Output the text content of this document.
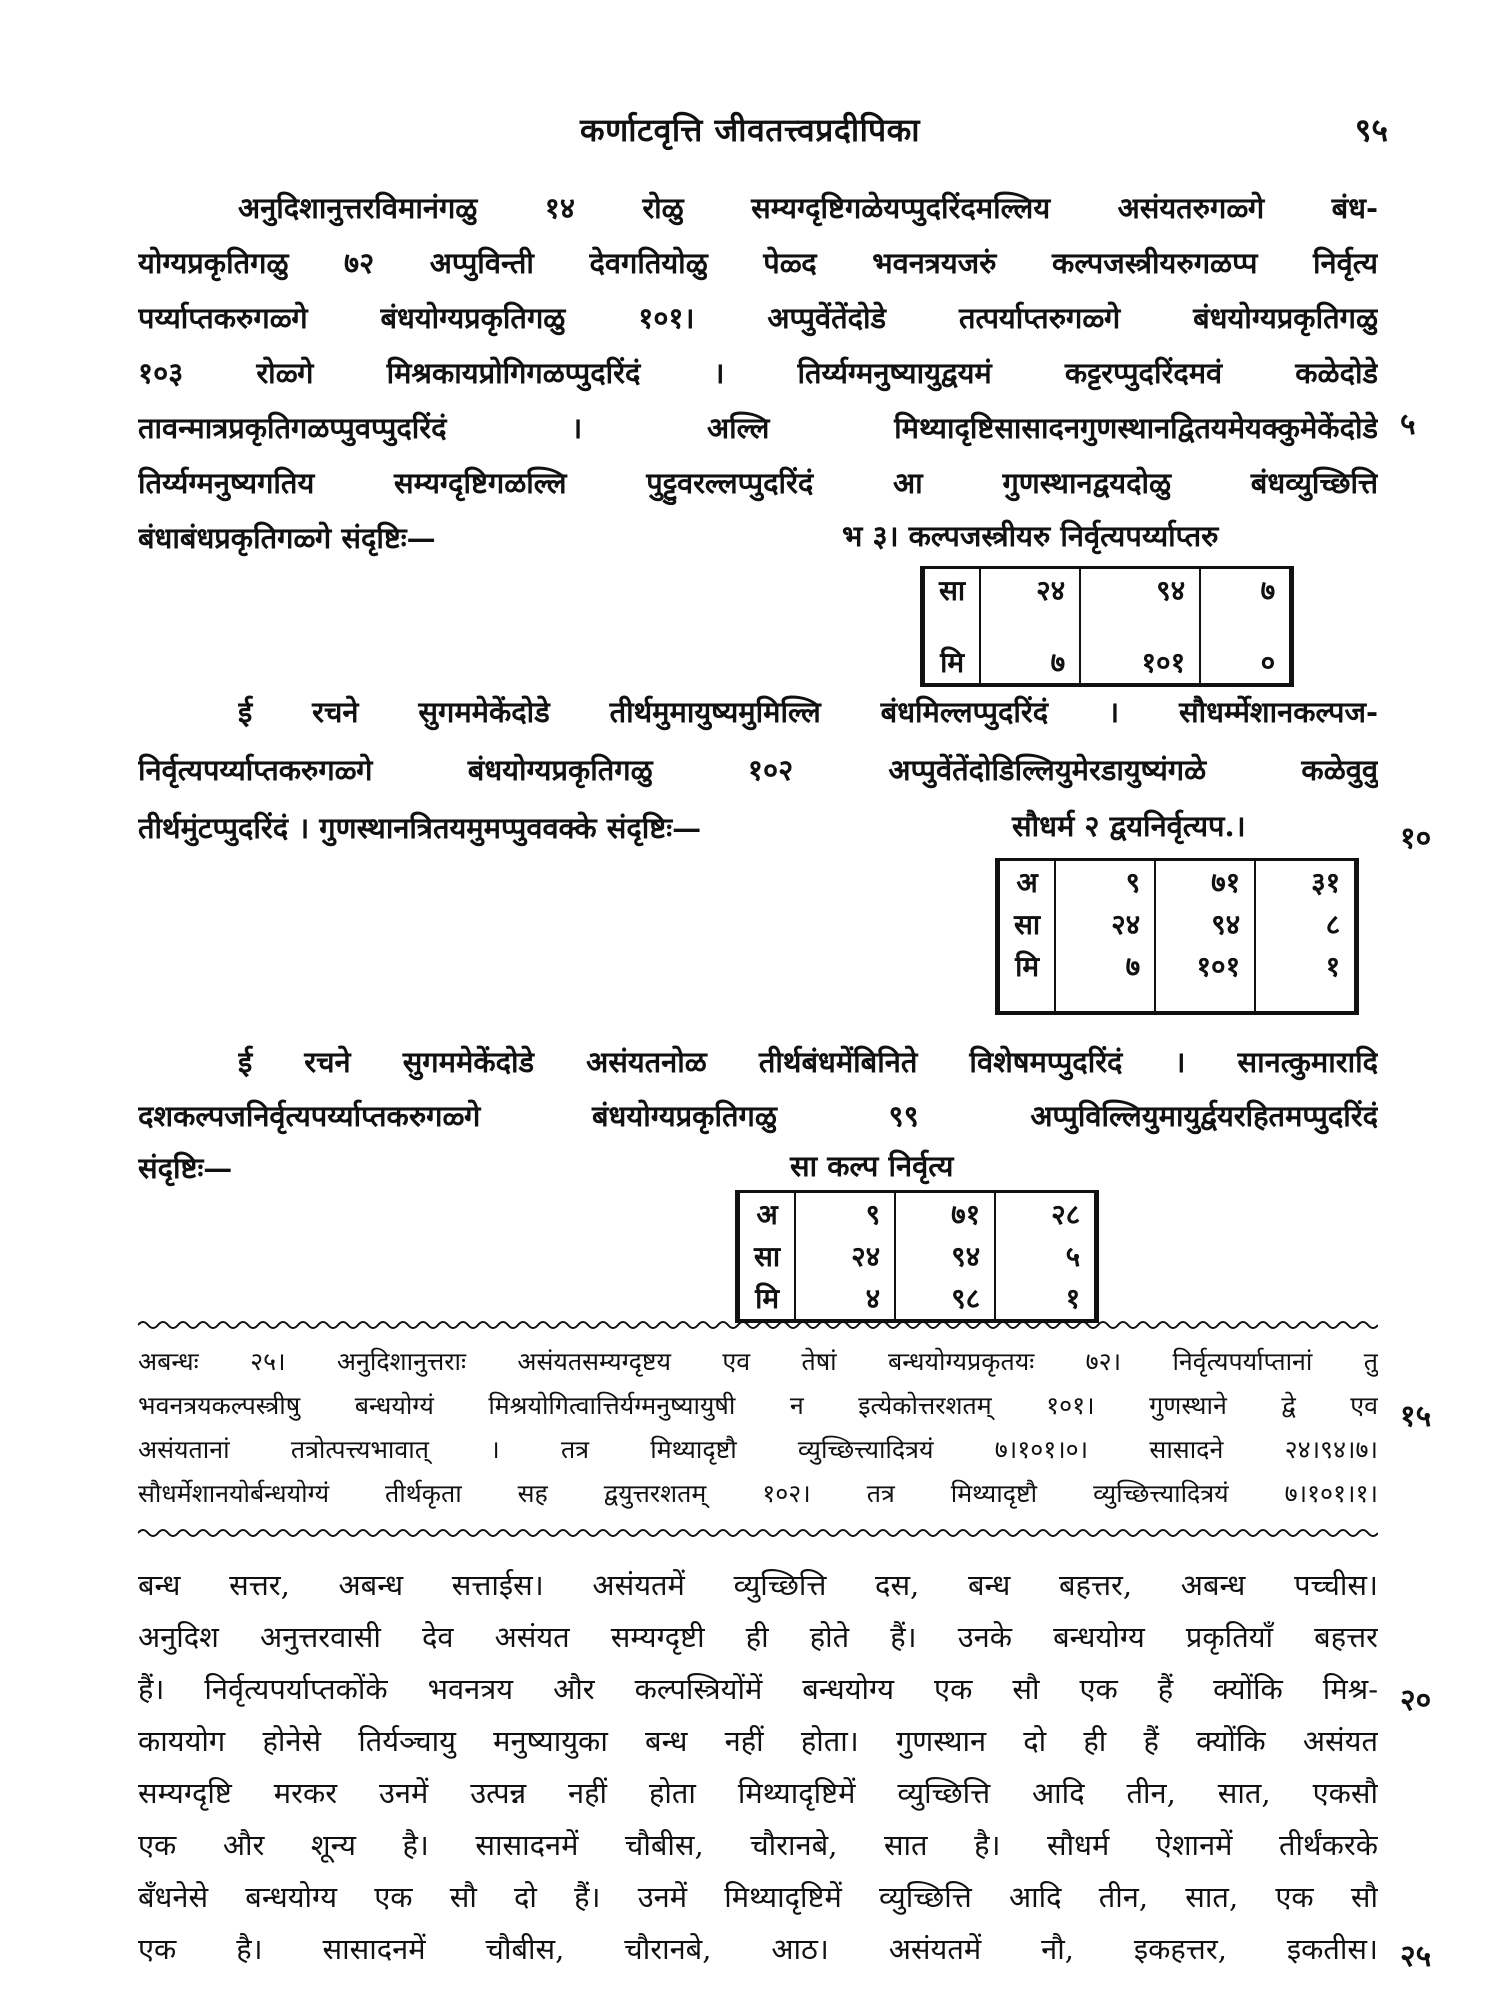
कर्णाटवृत्ति जीवतत्त्वप्रदीपिका	९५
अनुदिशानुत्तरविमानंगळु १४ रोळु सम्यग्दृष्टिगळेयप्पुदरिंदमल्लिय असंयतरुगळ्गे बंध-
योग्यप्रकृतिगळु ७२ अप्पुविन्ती देवगतियोळु पेळ्द भवनत्रयजरुं कल्पजस्त्रीयरुगळप्प निर्वृत्य
पर्य्याप्तकरुगळ्गे बंधयोग्यप्रकृतिगळु १०१। अप्पुवेंतेंदोडे तत्पर्याप्तरुगळ्गे बंधयोग्यप्रकृतिगळु
१०३ रोळ्गे मिश्रकायप्रोगिगळप्पुदरिंदं । तिर्य्यग्मनुष्यायुद्वयमं कट्टरप्पुदरिंदमवं कळेदोडे
तावन्मात्रप्रकृतिगळप्पुवप्पुदरिंदं । अल्लि मिथ्यादृष्टिसासादनगुणस्थानद्वितयमेयक्कुमेकेंदोडे
तिर्य्यग्मनुष्यगतिय सम्यग्दृष्टिगळल्लि पुट्टुवरल्लप्पुदरिंदं आ गुणस्थानद्वयदोळु बंधव्युच्छित्ति
बंधाबंधप्रकृतिगळ्गे संदृष्टिः—
५
भ ३। कल्पजस्त्रीयरु निर्वृत्यपर्य्याप्तरु
सा	२४	९४	७
मि	७	१०१	०
ई रचने सुगममेकेंदोडे तीर्थमुमायुष्यमुमिल्लि बंधमिल्लप्पुदरिंदं । सौधर्म्मेशानकल्पज-
निर्वृत्यपर्य्याप्तकरुगळ्गे बंधयोग्यप्रकृतिगळु १०२ अप्पुवेंतेंदोडिल्लियुमेरडायुष्यंगळे कळेवुवु
तीर्थमुंटप्पुदरिंदं । गुणस्थानत्रितयमुमप्पुववक्के संदृष्टिः—	सौधर्म २ द्वयनिर्वृत्यप.।	१०
अ	९	७१	३१
सा	२४	९४	८
मि	७	१०१	१
ई रचने सुगममेकेंदोडे असंयतनोळ तीर्थबंधमेंबिनिते विशेषमप्पुदरिंदं । सानत्कुमारादि
दशकल्पजनिर्वृत्यपर्य्याप्तकरुगळ्गे बंधयोग्यप्रकृतिगळु ९९ अप्पुविल्लियुमायुर्द्वयरहितमप्पुदरिंदं
संदृष्टिः—	सा कल्प निर्वृत्य
अ	९	७१	२८
सा	२४	९४	५
मि	४	९८	१
अबन्धः २५। अनुदिशानुत्तराः असंयतसम्यग्दृष्टय एव तेषां बन्धयोग्यप्रकृतयः ७२। निर्वृत्यपर्याप्तानां तु
भवनत्रयकल्पस्त्रीषु बन्धयोग्यं मिश्रयोगित्वात्तिर्यग्मनुष्यायुषी न इत्येकोत्तरशतम् १०१। गुणस्थाने द्वे एव
असंयतानां तत्रोत्पत्त्यभावात् । तत्र मिथ्यादृष्टौ व्युच्छित्त्यादित्रयं ७।१०१।०। सासादने २४।९४।७।
सौधर्मेशानयोर्बन्धयोग्यं तीर्थकृता सह द्वयुत्तरशतम् १०२। तत्र मिथ्यादृष्टौ व्युच्छित्त्यादित्रयं ७।१०१।१।
१५
बन्ध सत्तर, अबन्ध सत्ताईस। असंयतमें व्युच्छित्ति दस, बन्ध बहत्तर, अबन्ध पच्चीस।
अनुदिश अनुत्तरवासी देव असंयत सम्यग्दृष्टी ही होते हैं। उनके बन्धयोग्य प्रकृतियाँ बहत्तर
हैं। निर्वृत्यपर्याप्तकोंके भवनत्रय और कल्पस्त्रियोंमें बन्धयोग्य एक सौ एक हैं क्योंकि मिश्र-
काययोग होनेसे तिर्यञ्चायु मनुष्यायुका बन्ध नहीं होता। गुणस्थान दो ही हैं क्योंकि असंयत
सम्यग्दृष्टि मरकर उनमें उत्पन्न नहीं होता मिथ्यादृष्टिमें व्युच्छित्ति आदि तीन, सात, एकसौ
एक और शून्य है। सासादनमें चौबीस, चौरानबे, सात है। सौधर्म ऐशानमें तीर्थंकरके
बँधनेसे बन्धयोग्य एक सौ दो हैं। उनमें मिथ्यादृष्टिमें व्युच्छित्ति आदि तीन, सात, एक सौ
एक है। सासादनमें चौबीस, चौरानबे, आठ। असंयतमें नौ, इकहत्तर, इकतीस।
२०
२५
